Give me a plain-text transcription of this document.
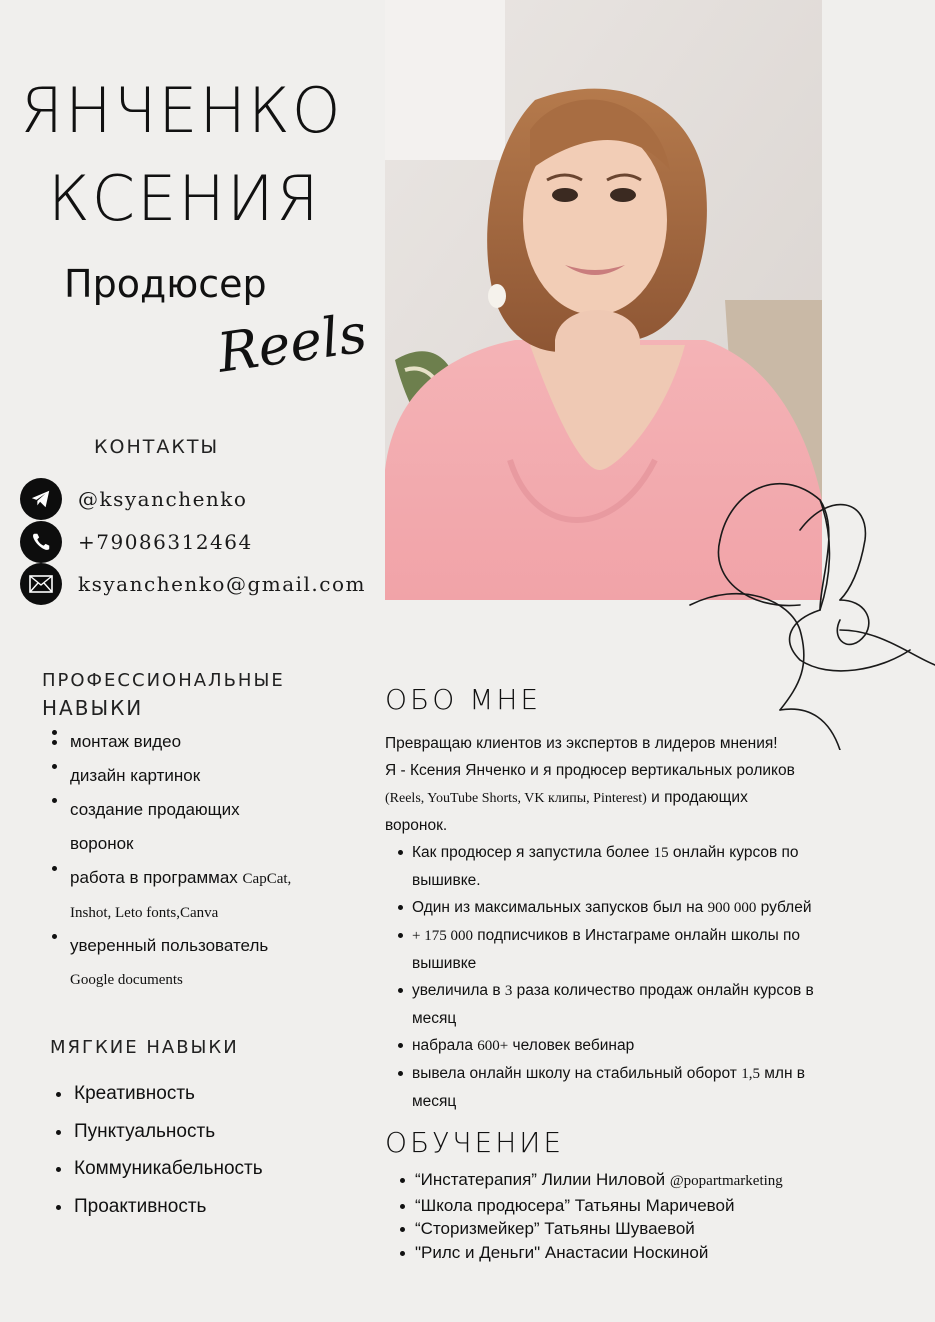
ЯНЧЕНКО
КСЕНИЯ
Продюсер
Reels
КОНТАКТЫ
@ksyanchenko
+79086312464
ksyanchenko@gmail.com
ПРОФЕССИОНАЛЬНЫЕ
НАВЫКИ
монтаж видео
дизайн картинок
создание продающих
воронок
работа в программах CapCat,
Inshot, Leto fonts,Canva
уверенный пользователь
Google documents
МЯГКИЕ НАВЫКИ
Креативность
Пунктуальность
Коммуникабельность
Проактивность
ОБО МНЕ

Превращаю клиентов из экспертов в лидеров мнения!

Я - Ксения Янченко и я продюсер вертикальных роликов

(Reels, YouTube Shorts, VK клипы, Pinterest) и продающих

воронок.

Как продюсер я запустила более 15 онлайн курсов по
вышивке.
Один из максимальных запусков был на 900 000 рублей
+ 175 000 подписчиков в Инстаграме онлайн школы по
вышивке
увеличила в 3 раза количество продаж онлайн курсов в
месяц
набрала 600+ человек вебинар
вывела онлайн школу на стабильный оборот 1,5 млн в
месяц
ОБУЧЕНИЕ
“Инстатерапия” Лилии Ниловой @popartmarketing
“Школа продюсера” Татьяны Маричевой
“Сторизмейкер” Татьяны Шуваевой
"Рилс и Деньги" Анастасии Носкиной
